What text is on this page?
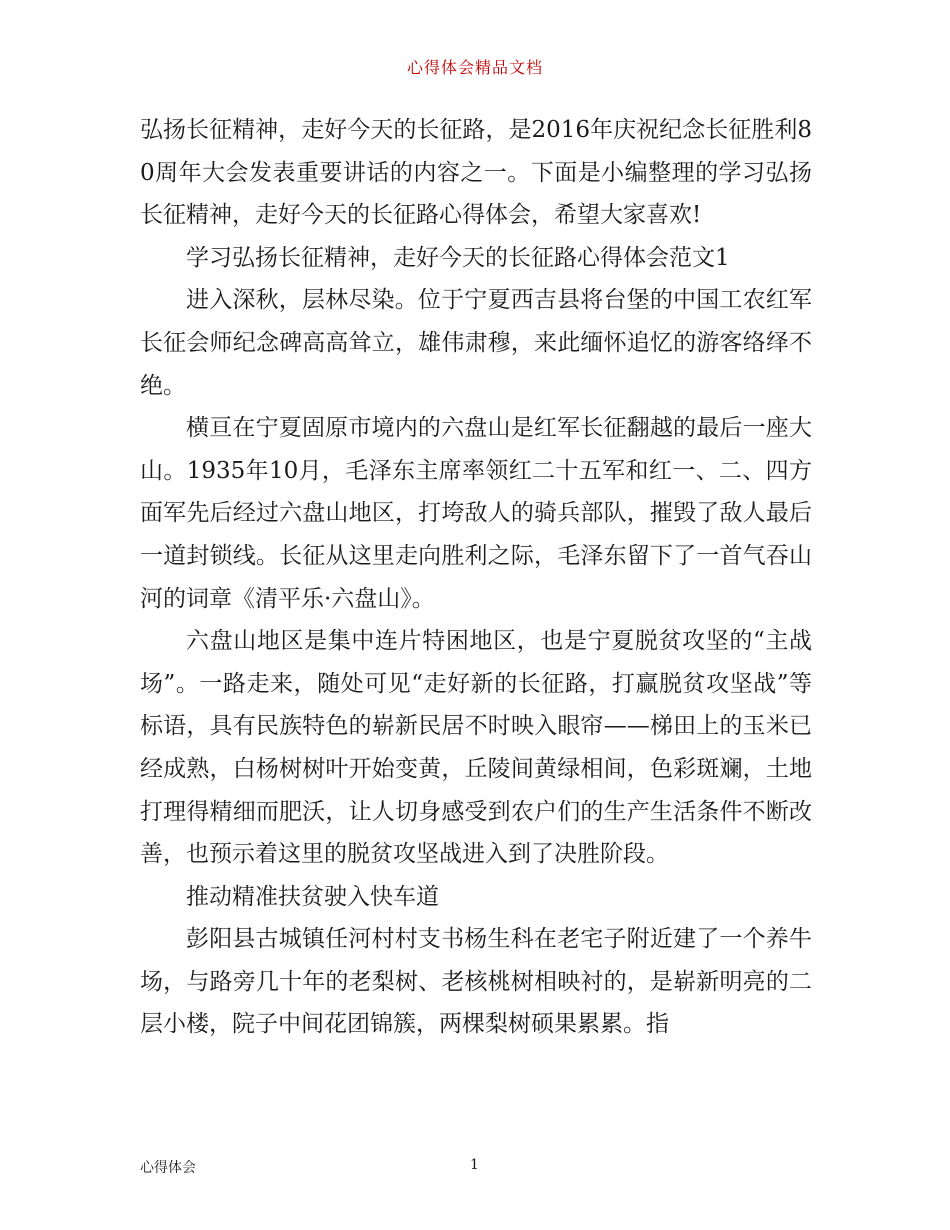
心得体会精品文档

弘扬长征精神，走好今天的长征路，是2016年庆祝纪念长征胜利80周年大会发表重要讲话的内容之一。下面是小编整理的学习弘扬长征精神，走好今天的长征路心得体会，希望大家喜欢!

学习弘扬长征精神，走好今天的长征路心得体会范文1

进入深秋，层林尽染。位于宁夏西吉县将台堡的中国工农红军长征会师纪念碑高高耸立，雄伟肃穆，来此缅怀追忆的游客络绎不绝。

横亘在宁夏固原市境内的六盘山是红军长征翻越的最后一座大山。1935年10月，毛泽东主席率领红二十五军和红一、二、四方面军先后经过六盘山地区，打垮敌人的骑兵部队，摧毁了敌人最后一道封锁线。长征从这里走向胜利之际，毛泽东留下了一首气吞山河的词章《清平乐·六盘山》。

六盘山地区是集中连片特困地区，也是宁夏脱贫攻坚的“主战场”。一路走来，随处可见“走好新的长征路，打赢脱贫攻坚战”等标语，具有民族特色的崭新民居不时映入眼帘——梯田上的玉米已经成熟，白杨树树叶开始变黄，丘陵间黄绿相间，色彩斑斓，土地打理得精细而肥沃，让人切身感受到农户们的生产生活条件不断改善，也预示着这里的脱贫攻坚战进入到了决胜阶段。

推动精准扶贫驶入快车道

彭阳县古城镇任河村村支书杨生科在老宅子附近建了一个养牛场，与路旁几十年的老梨树、老核桃树相映衬的，是崭新明亮的二层小楼，院子中间花团锦簇，两棵梨树硕果累累。指

心得体会	1
